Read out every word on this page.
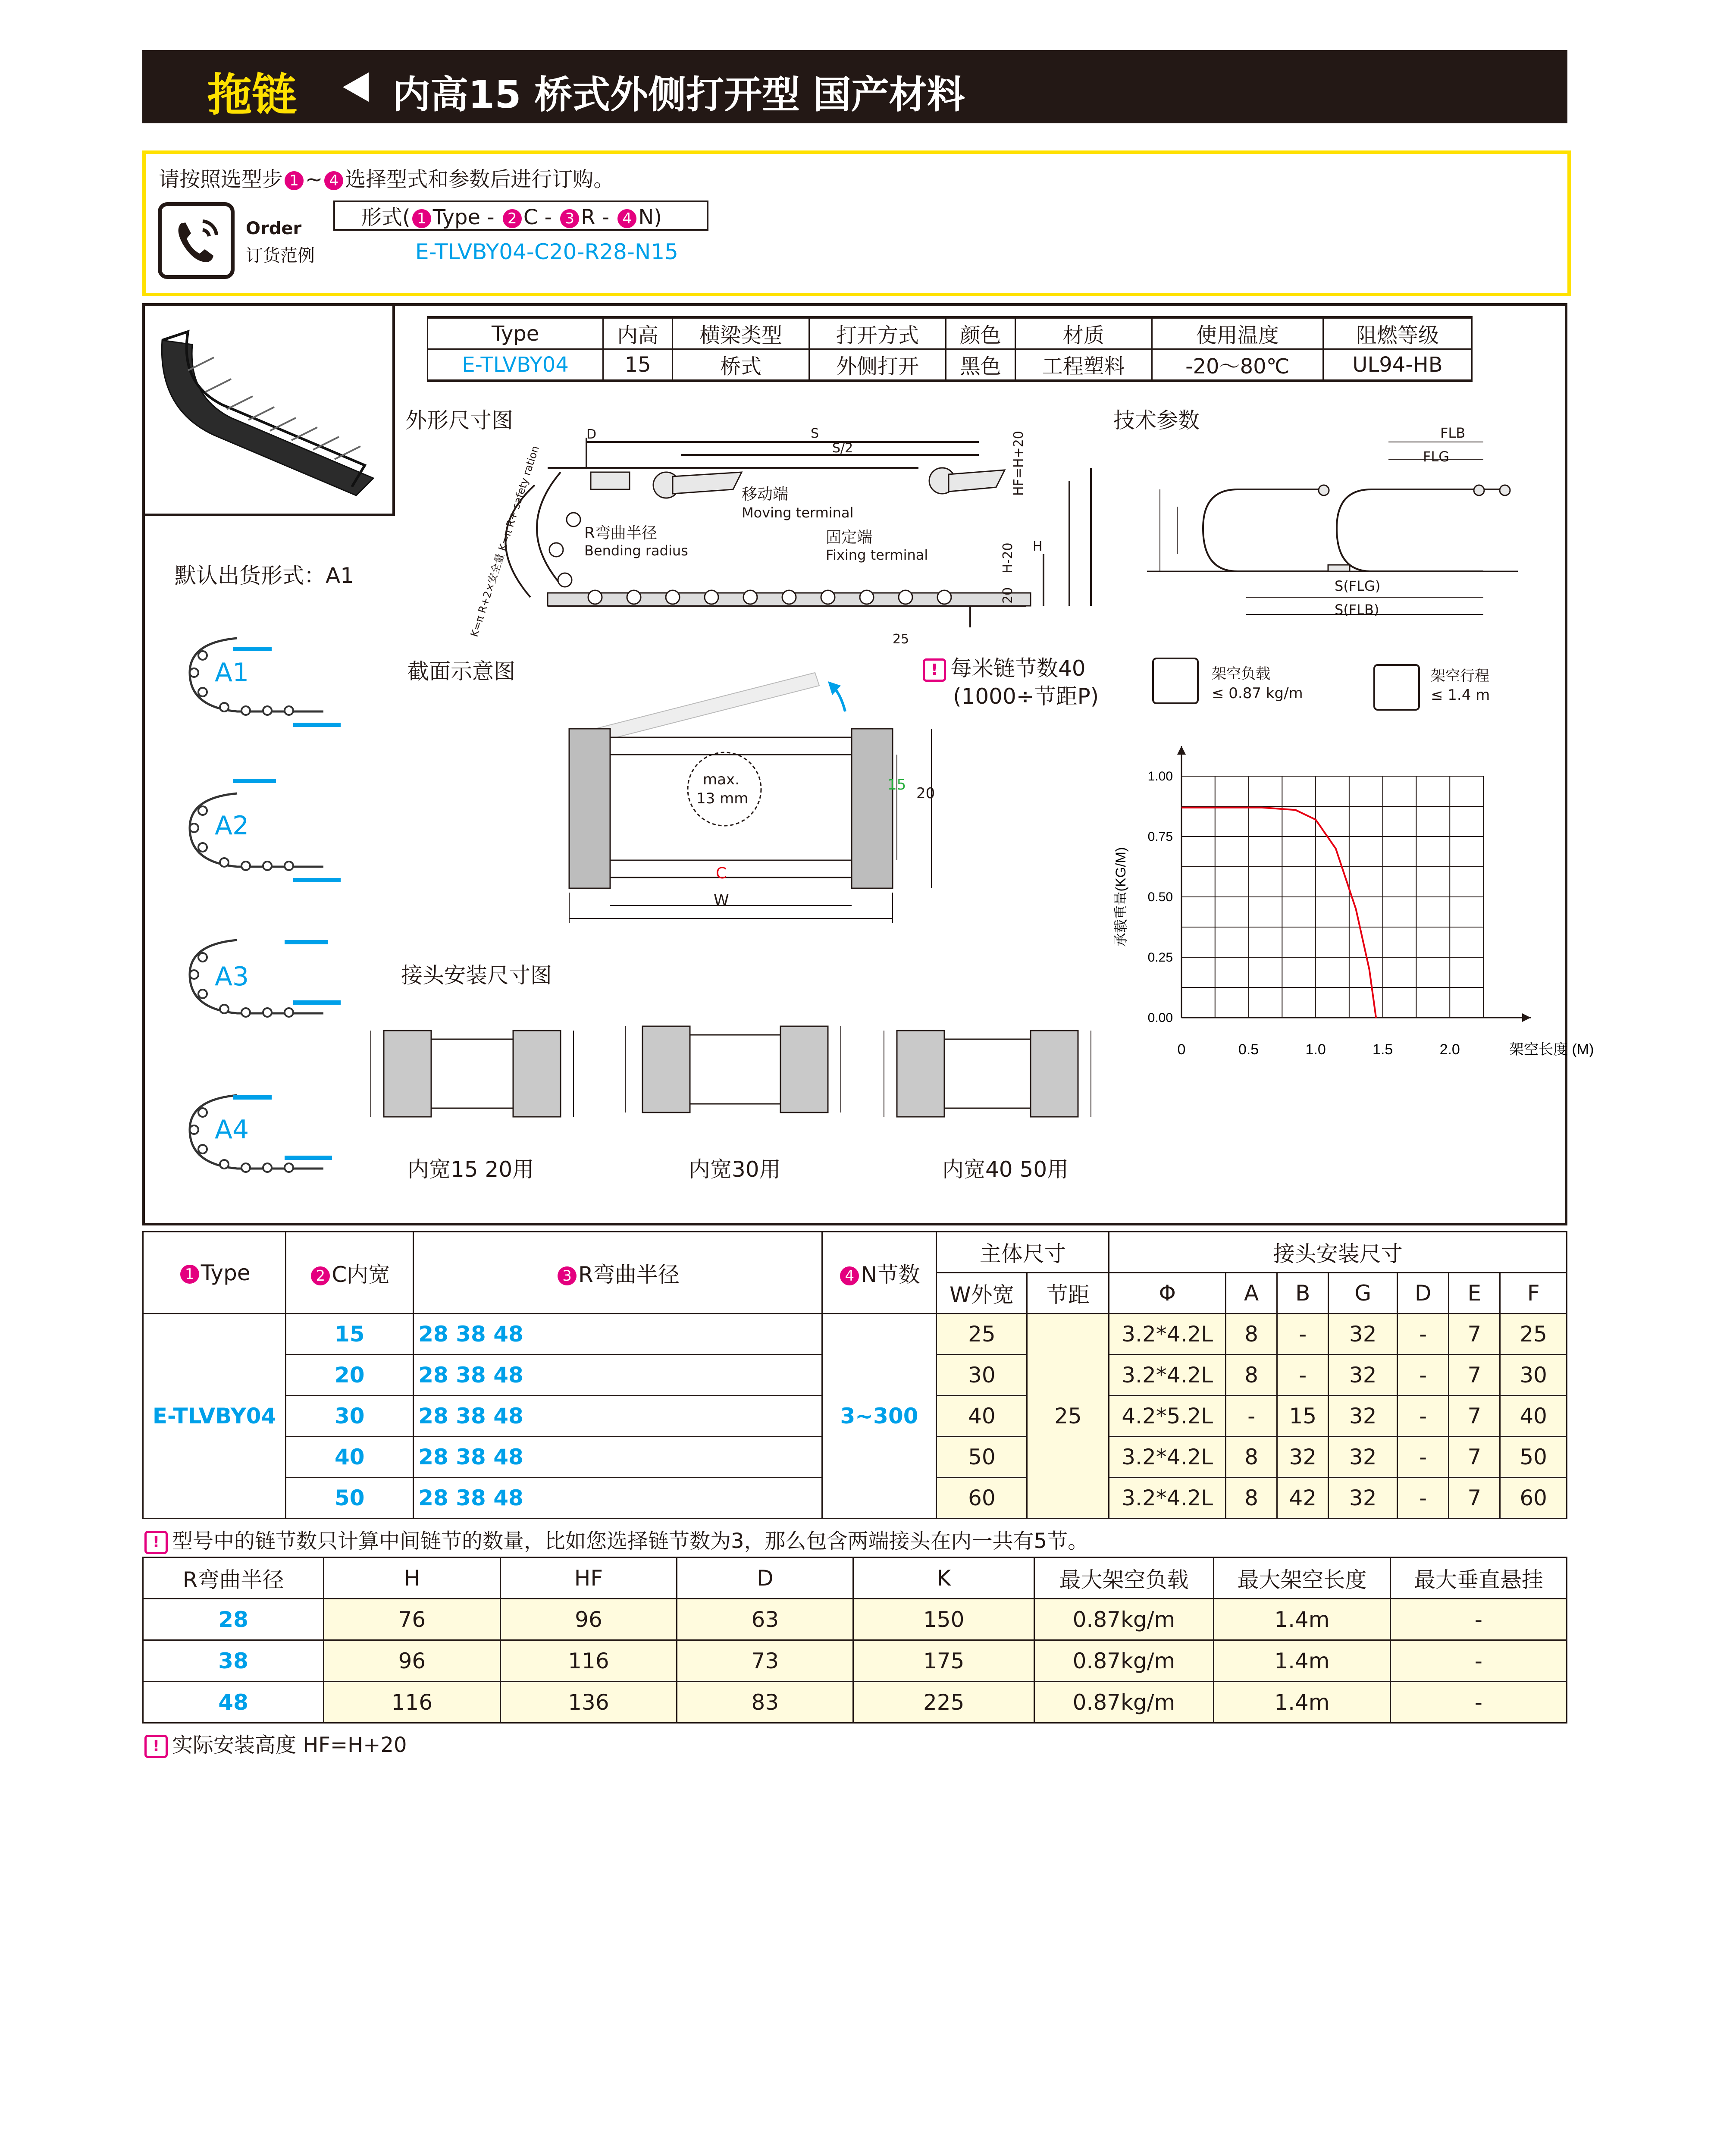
拖链	内高15 桥式外侧打开型 国产材料
请按照选型步 1 ~ 4 选择型式和参数后进行订购。
Order
订货范例
形式( 1 Type - 2 C - 3 R - 4 N)
E-TLVBY04-C20-R28-N15
Type	内高	横梁类型	打开方式	颜色	材质	使用温度	阻燃等级
E-TLVBY04	15	桥式	外侧打开	黑色	工程塑料	-20～80℃	UL94-HB
默认出货形式：A1
A1
A2
A3
A4
外形尺寸图
D	S
S/2
移动端
Moving terminal
R弯曲半径
Bending radius
固定端
Fixing terminal
25
HF=H+20
H
H-20
20
K=π R+2×安全量 K=π R+ safety ration
截面示意图	! 每米链节数40
(1000÷节距P)
max.
13 mm
C
W
15 20
接头安装尺寸图
内宽15 20用	内宽30用	内宽40 50用
技术参数	FLB
FLG
S(FLG)
S(FLB)
架空负载
≤ 0.87 kg/m
架空行程
≤ 1.4 m
0	0.5	1.0	1.5	2.0
0.00
0.25
0.50
0.75
1.00
架空长度 (M)
承载重量(KG/M)
1 Type	2 C内宽	3 R弯曲半径	4 N节数	主体尺寸		接头安装尺寸						
				W外宽	节距	Φ	A	B	G	D	E	F
E-TLVBY04	15	28 38 48	3~300	25	25	3.2*4.2L	8	-	32	-	7	25
	20	28 38 48		30		3.2*4.2L	8	-	32	-	7	30
	30	28 38 48		40		4.2*5.2L	-	15	32	-	7	40
	40	28 38 48		50		3.2*4.2L	8	32	32	-	7	50
	50	28 38 48		60		3.2*4.2L	8	42	32	-	7	60
! 型号中的链节数只计算中间链节的数量，比如您选择链节数为3，那么包含两端接头在内一共有5节。
R弯曲半径	H	HF	D	K	最大架空负载	最大架空长度	最大垂直悬挂
28	76	96	63	150	0.87kg/m	1.4m	-
38	96	116	73	175	0.87kg/m	1.4m	-
48	116	136	83	225	0.87kg/m	1.4m	-
! 实际安装高度 HF=H+20
